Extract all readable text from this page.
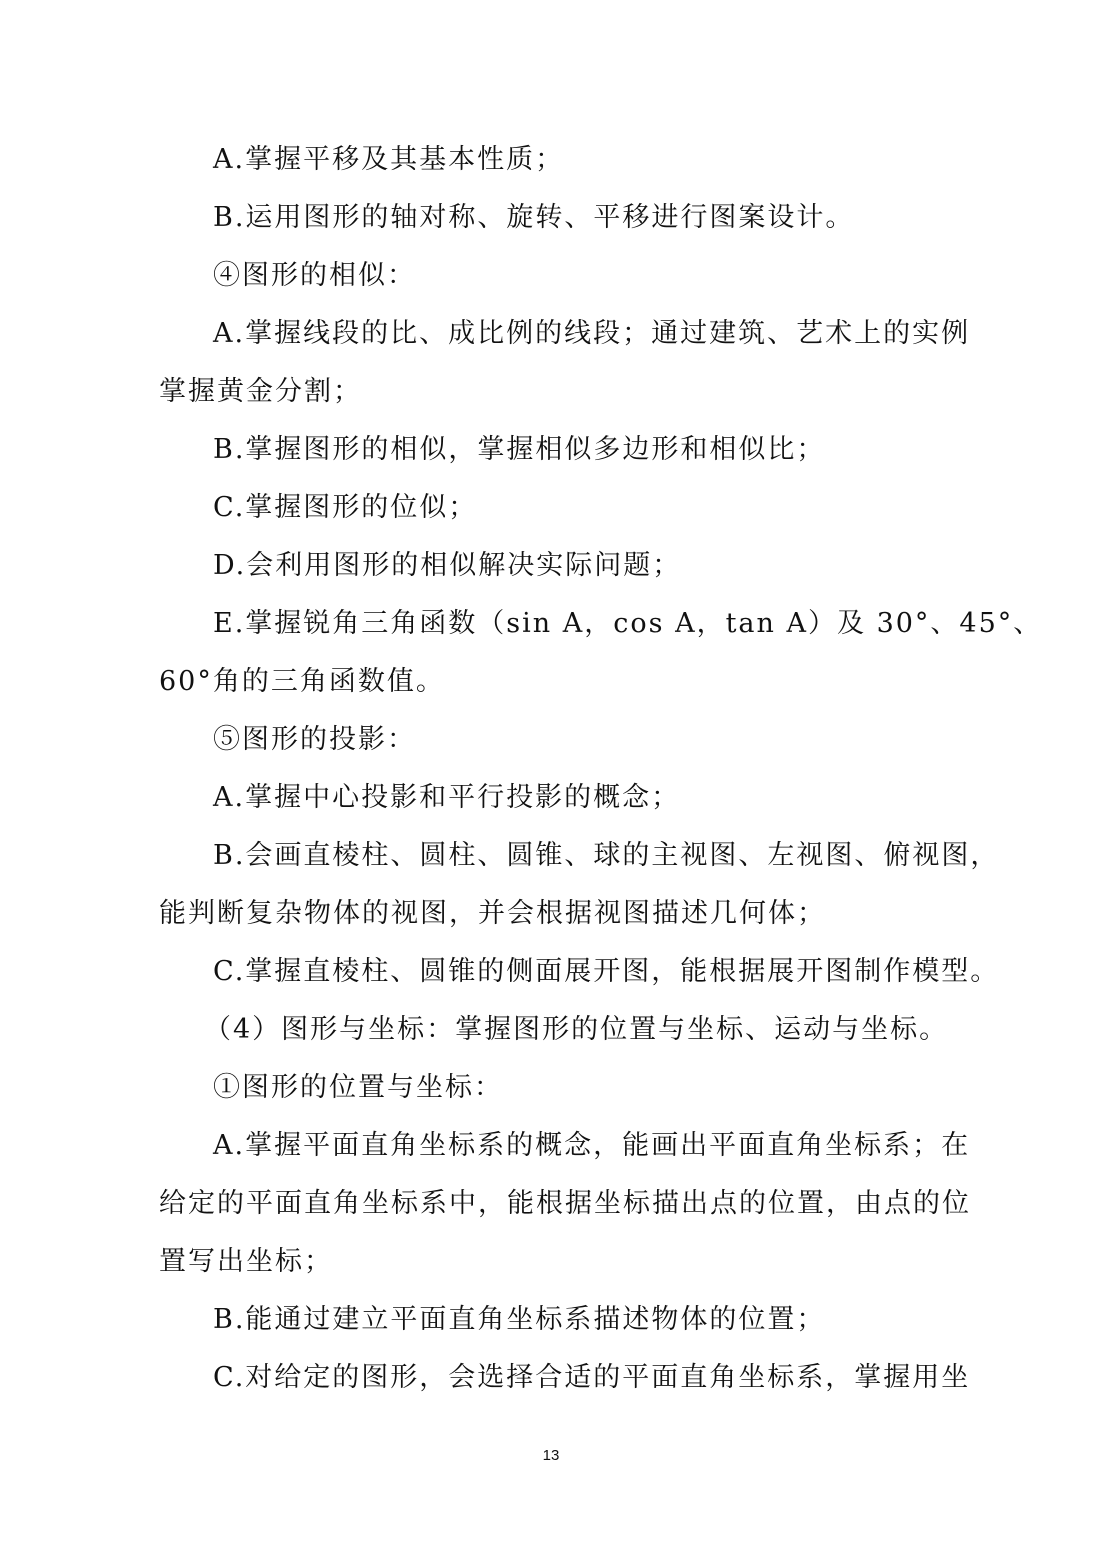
A.掌握平移及其基本性质；
B.运用图形的轴对称、旋转、平移进行图案设计。
④图形的相似：
A.掌握线段的比、成比例的线段；通过建筑、艺术上的实例
掌握黄金分割；
B.掌握图形的相似，掌握相似多边形和相似比；
C.掌握图形的位似；
D.会利用图形的相似解决实际问题；
E.掌握锐角三角函数（sin A，cos A，tan A）及 30°、45°、
60°角的三角函数值。
⑤图形的投影：
A.掌握中心投影和平行投影的概念；
B.会画直棱柱、圆柱、圆锥、球的主视图、左视图、俯视图，
能判断复杂物体的视图，并会根据视图描述几何体；
C.掌握直棱柱、圆锥的侧面展开图，能根据展开图制作模型。
（4）图形与坐标：掌握图形的位置与坐标、运动与坐标。
①图形的位置与坐标：
A.掌握平面直角坐标系的概念，能画出平面直角坐标系；在
给定的平面直角坐标系中，能根据坐标描出点的位置，由点的位
置写出坐标；
B.能通过建立平面直角坐标系描述物体的位置；
C.对给定的图形，会选择合适的平面直角坐标系，掌握用坐
13
